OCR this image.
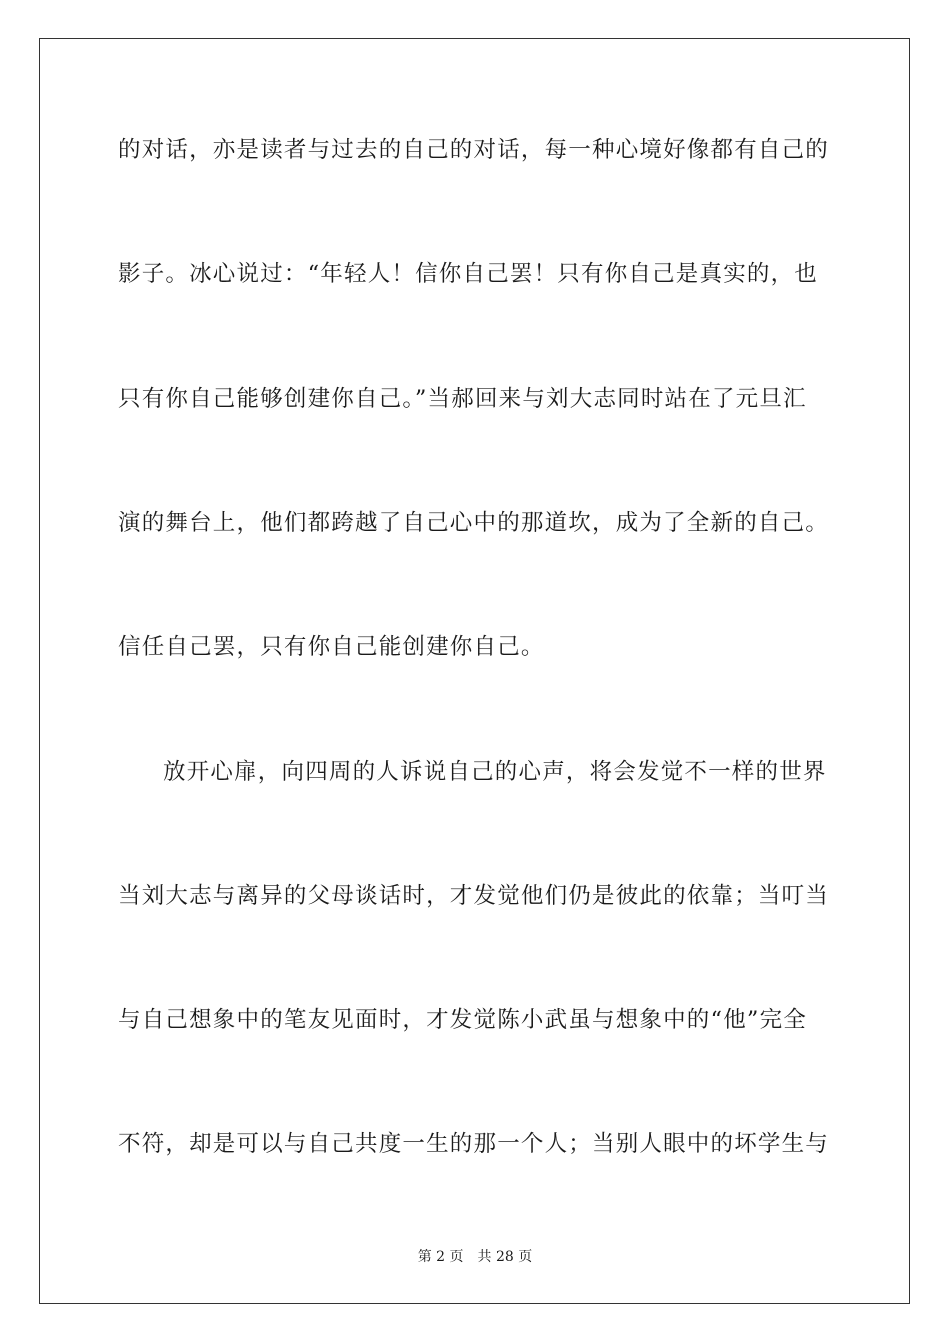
的对话，亦是读者与过去的自己的对话，每一种心境好像都有自己的
影子。冰心说过：“年轻人！信你自己罢！只有你自己是真实的，也
只有你自己能够创建你自己。”当郝回来与刘大志同时站在了元旦汇
演的舞台上，他们都跨越了自己心中的那道坎，成为了全新的自己。
信任自己罢，只有你自己能创建你自己。
放开心扉，向四周的人诉说自己的心声，将会发觉不一样的世界
当刘大志与离异的父母谈话时，才发觉他们仍是彼此的依靠；当叮当
与自己想象中的笔友见面时，才发觉陈小武虽与想象中的“他”完全
不符，却是可以与自己共度一生的那一个人；当别人眼中的坏学生与
第 2 页　共 28 页
